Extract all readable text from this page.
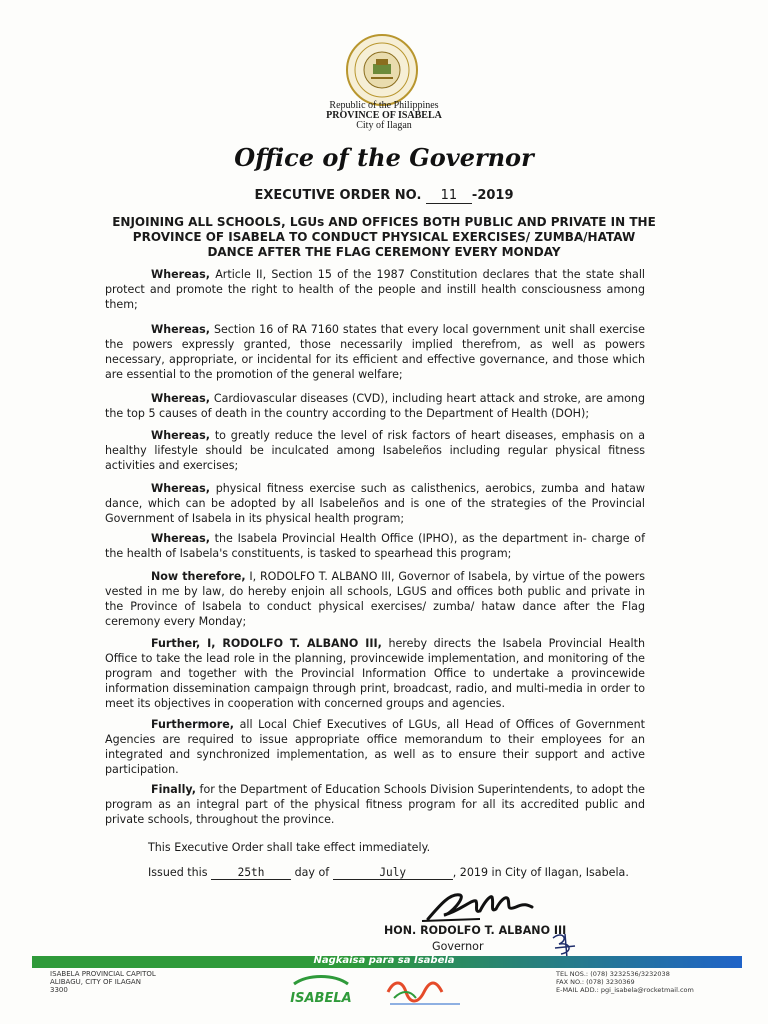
Republic of the Philippines
PROVINCE OF ISABELA
City of Ilagan
Office of the Governor
EXECUTIVE ORDER NO. 11 -2019
ENJOINING ALL SCHOOLS, LGUs AND OFFICES BOTH PUBLIC AND PRIVATE IN THE PROVINCE OF ISABELA TO CONDUCT PHYSICAL EXERCISES/ ZUMBA/HATAW DANCE AFTER THE FLAG CEREMONY EVERY MONDAY
Whereas, Article II, Section 15 of the 1987 Constitution declares that the state shall protect and promote the right to health of the people and instill health consciousness among them;
Whereas, Section 16 of RA 7160 states that every local government unit shall exercise the powers expressly granted, those necessarily implied therefrom, as well as powers necessary, appropriate, or incidental for its efficient and effective governance, and those which are essential to the promotion of the general welfare;
Whereas, Cardiovascular diseases (CVD), including heart attack and stroke, are among the top 5 causes of death in the country according to the Department of Health (DOH);
Whereas, to greatly reduce the level of risk factors of heart diseases, emphasis on a healthy lifestyle should be inculcated among Isabeleños including regular physical fitness activities and exercises;
Whereas, physical fitness exercise such as calisthenics, aerobics, zumba and hataw dance, which can be adopted by all Isabeleños and is one of the strategies of the Provincial Government of Isabela in its physical health program;
Whereas, the Isabela Provincial Health Office (IPHO), as the department in- charge of the health of Isabela's constituents, is tasked to spearhead this program;
Now therefore, I, RODOLFO T. ALBANO III, Governor of Isabela, by virtue of the powers vested in me by law, do hereby enjoin all schools, LGUS and offices both public and private in the Province of Isabela to conduct physical exercises/ zumba/ hataw dance after the Flag ceremony every Monday;
Further, I, RODOLFO T. ALBANO III, hereby directs the Isabela Provincial Health Office to take the lead role in the planning, provincewide implementation, and monitoring of the program and together with the Provincial Information Office to undertake a provincewide information dissemination campaign through print, broadcast, radio, and multi-media in order to meet its objectives in cooperation with concerned groups and agencies.
Furthermore, all Local Chief Executives of LGUs, all Head of Offices of Government Agencies are required to issue appropriate office memorandum to their employees for an integrated and synchronized implementation, as well as to ensure their support and active participation.
Finally, for the Department of Education Schools Division Superintendents, to adopt the program as an integral part of the physical fitness program for all its accredited public and private schools, throughout the province.
This Executive Order shall take effect immediately.
Issued this	25th	day of	July	, 2019 in City of Ilagan, Isabela.
HON. RODOLFO T. ALBANO III
Governor
Nagkaisa para sa Isabela
ISABELA PROVINCIAL CAPITOL
ALIBAGU, CITY OF ILAGAN
3300
ISABELA
TEL NOS.: (078) 3232536/3232038
FAX NO.: (078) 3230369
E-MAIL ADD.: pgi_isabela@rocketmail.com
